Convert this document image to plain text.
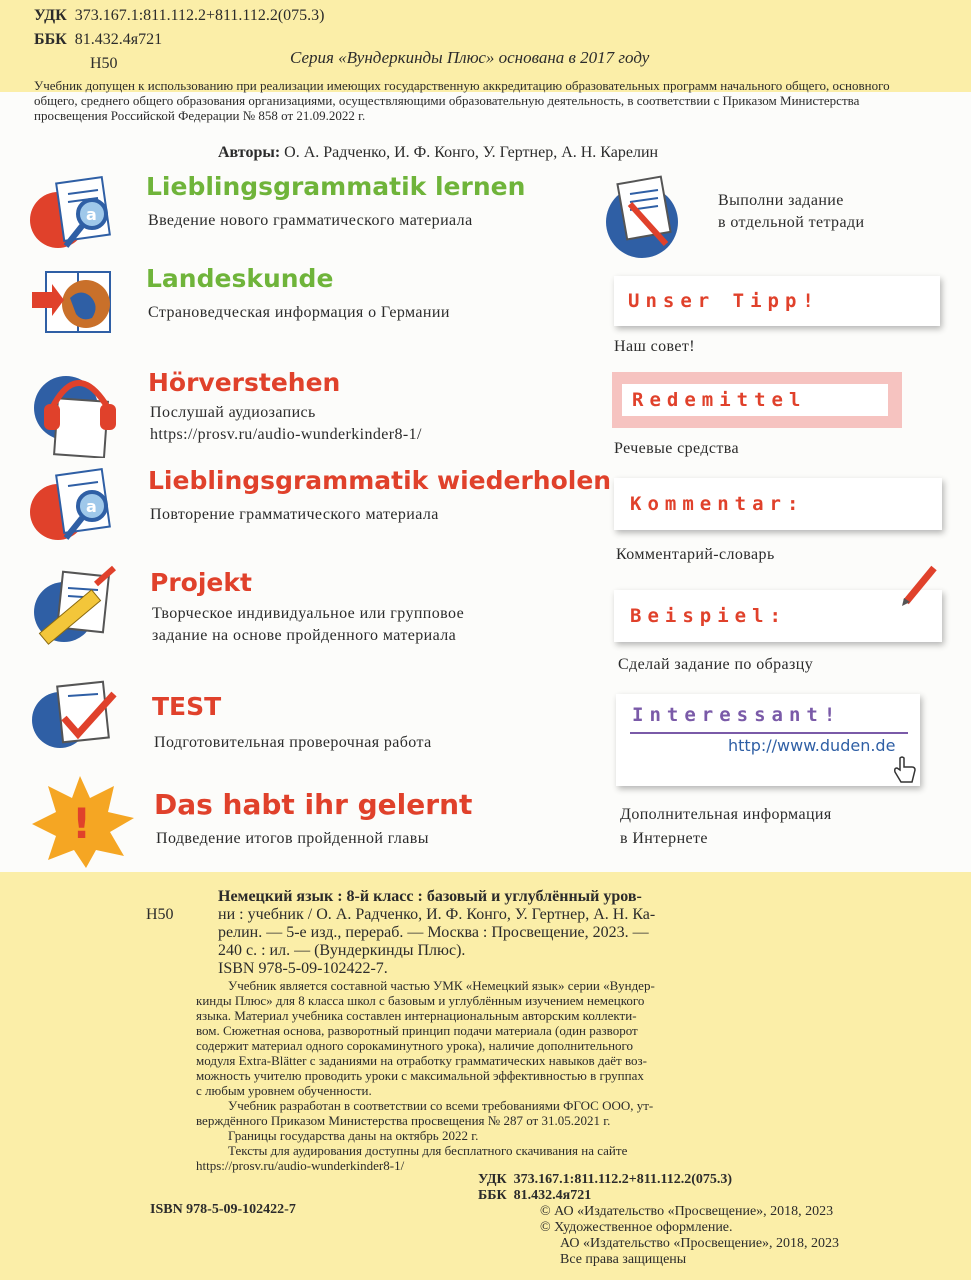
УДК 373.167.1:811.112.2+811.112.2(075.3)
ББК 81.432.4я721
Н50	Серия «Вундеркинды Плюс» основана в 2017 году
Учебник допущен к использованию при реализации имеющих государственную аккредитацию образовательных программ начального общего, основного общего, среднего общего образования организациями, осуществляющими образовательную деятельность, в соответствии с Приказом Министерства просвещения Российской Федерации № 858 от 21.09.2022 г.
Авторы: О. А. Радченко, И. Ф. Конго, У. Гертнер, А. Н. Карелин
a
a
!
Lieblingsgrammatik lernen
Введение нового грамматического материала
Landeskunde
Страноведческая информация о Германии
Hörverstehen
Послушай аудиозапись
https://prosv.ru/audio-wunderkinder8-1/
Lieblingsgrammatik wiederholen
Повторение грамматического материала
Projekt
Творческое индивидуальное или групповое
задание на основе пройденного материала
TEST
Подготовительная проверочная работа
Das habt ihr gelernt
Подведение итогов пройденной главы
Выполни задание
в отдельной тетради
Unser Tipp!
Наш совет!
Redemittel
Речевые средства
Kommentar:
Комментарий-словарь
Beispiel:
Сделай задание по образцу
Interessant!
http://www.duden.de
Дополнительная информация
в Интернете
Н50
Немецкий язык : 8-й класс : базовый и углублённый уров-
ни : учебник / О. А. Радченко, И. Ф. Конго, У. Гертнер, А. Н. Ка-
релин. — 5-е изд., перераб. — Москва : Просвещение, 2023. —
240 с. : ил. — (Вундеркинды Плюс).
ISBN 978-5-09-102422-7.
Учебник является составной частью УМК «Немецкий язык» серии «Вундер-
кинды Плюс» для 8 класса школ с базовым и углублённым изучением немецкого
языка. Материал учебника составлен интернациональным авторским коллекти-
вом. Сюжетная основа, разворотный принцип подачи материала (один разворот
содержит материал одного сорокаминутного урока), наличие дополнительного
модуля Extra-Blätter с заданиями на отработку грамматических навыков даёт воз-
можность учителю проводить уроки с максимальной эффективностью в группах
с любым уровнем обученности.
Учебник разработан в соответствии со всеми требованиями ФГОС ООО, ут-
верждённого Приказом Министерства просвещения № 287 от 31.05.2021 г.
Границы государства даны на октябрь 2022 г.
Тексты для аудирования доступны для бесплатного скачивания на сайте
https://prosv.ru/audio-wunderkinder8-1/
УДК 373.167.1:811.112.2+811.112.2(075.3)
ББК 81.432.4я721
ISBN 978-5-09-102422-7	© АО «Издательство «Просвещение», 2018, 2023
© Художественное оформление.
АО «Издательство «Просвещение», 2018, 2023
Все права защищены
